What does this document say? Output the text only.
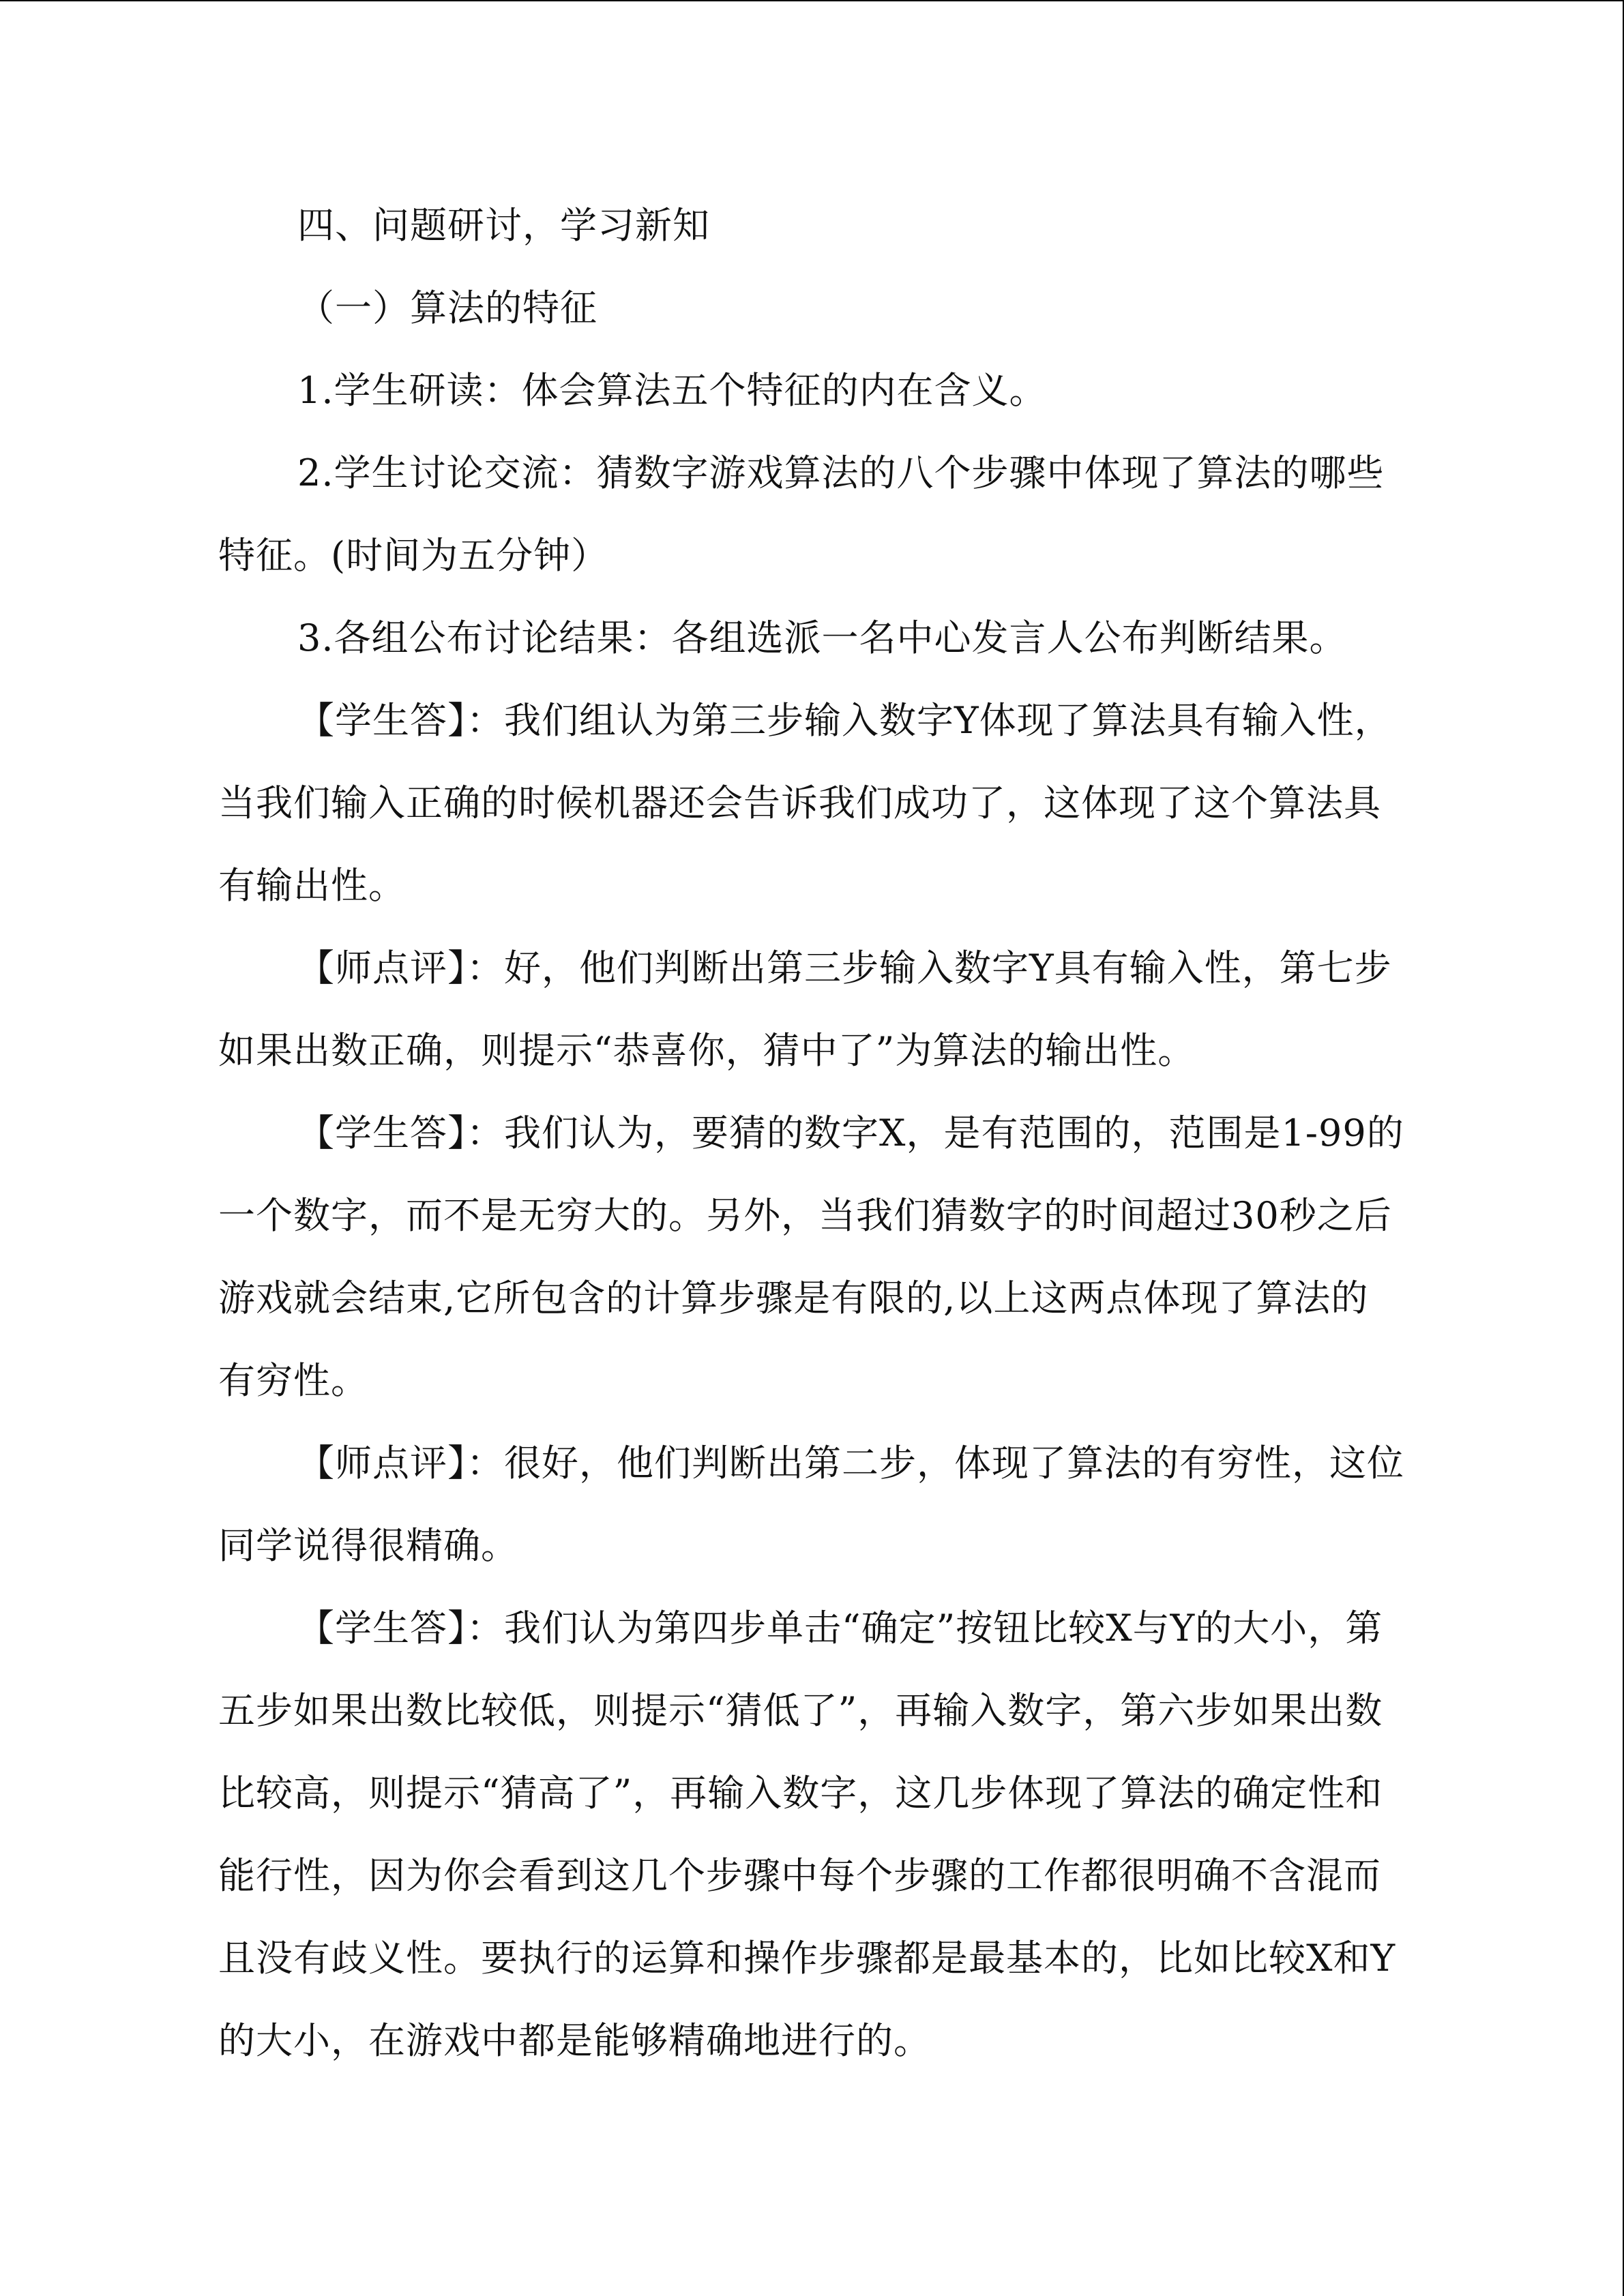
四、问题研讨，学习新知

（一）算法的特征

1.学生研读：体会算法五个特征的内在含义。

2.学生讨论交流：猜数字游戏算法的八个步骤中体现了算法的哪些特征。(时间为五分钟）

3.各组公布讨论结果：各组选派一名中心发言人公布判断结果。

【学生答】：我们组认为第三步输入数字Y体现了算法具有输入性，当我们输入正确的时候机器还会告诉我们成功了，这体现了这个算法具有输出性。

【师点评】：好，他们判断出第三步输入数字Y具有输入性，第七步如果出数正确，则提示“恭喜你，猜中了”为算法的输出性。

【学生答】：我们认为，要猜的数字X，是有范围的，范围是1-99的一个数字，而不是无穷大的。另外，当我们猜数字的时间超过30秒之后游戏就会结束,它所包含的计算步骤是有限的,以上这两点体现了算法的有穷性。

【师点评】：很好，他们判断出第二步，体现了算法的有穷性，这位同学说得很精确。

【学生答】：我们认为第四步单击“确定”按钮比较X与Y的大小，第五步如果出数比较低，则提示“猜低了”，再输入数字，第六步如果出数比较高，则提示“猜高了”，再输入数字，这几步体现了算法的确定性和能行性，因为你会看到这几个步骤中每个步骤的工作都很明确不含混而且没有歧义性。要执行的运算和操作步骤都是最基本的，比如比较X和Y的大小，在游戏中都是能够精确地进行的。
